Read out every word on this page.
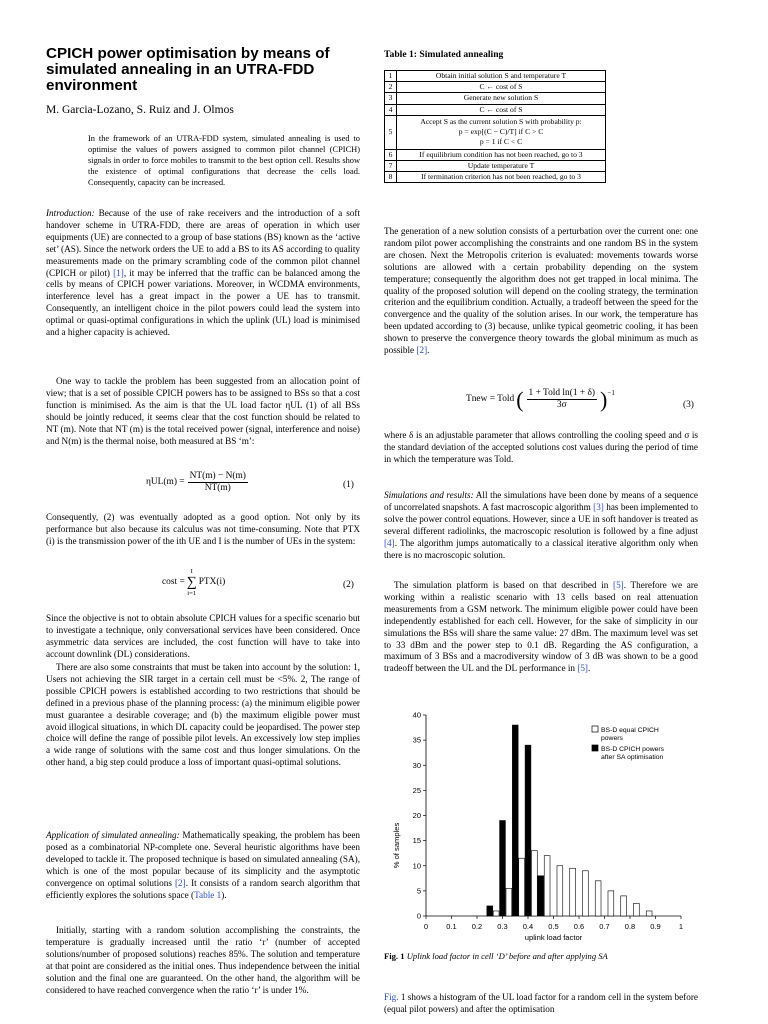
CPICH power optimisation by means of simulated annealing in an UTRA-FDD environment
M. Garcia-Lozano, S. Ruiz and J. Olmos
In the framework of an UTRA-FDD system, simulated annealing is used to optimise the values of powers assigned to common pilot channel (CPICH) signals in order to force mobiles to transmit to the best option cell. Results show the existence of optimal configurations that decrease the cells load. Consequently, capacity can be increased.
Introduction: Because of the use of rake receivers and the introduction of a soft handover scheme in UTRA-FDD, there are areas of operation in which user equipments (UE) are connected to a group of base stations (BS) known as the ‘active set’ (AS). Since the network orders the UE to add a BS to its AS according to quality measurements made on the primary scrambling code of the common pilot channel (CPICH or pilot) [1], it may be inferred that the traffic can be balanced among the cells by means of CPICH power variations. Moreover, in WCDMA environments, interference level has a great impact in the power a UE has to transmit. Consequently, an intelligent choice in the pilot powers could lead the system into optimal or quasi-optimal configurations in which the uplink (UL) load is minimised and a higher capacity is achieved.
One way to tackle the problem has been suggested from an allocation point of view; that is a set of possible CPICH powers has to be assigned to BSs so that a cost function is minimised. As the aim is that the UL load factor ηUL (1) of all BSs should be jointly reduced, it seems clear that the cost function should be related to NT (m). Note that NT (m) is the total received power (signal, interference and noise) and N(m) is the thermal noise, both measured at BS ‘m’:
$\eta UL(m) = \frac{NT(m) - N(m)}{NT(m)}$	(1)
Consequently, (2) was eventually adopted as a good option. Not only by its performance but also because its calculus was not time-consuming. Note that PTX (i) is the transmission power of the ith UE and I is the number of UEs in the system:
cost =
I
∑
i=1
PTX(i)	(2)
Since the objective is not to obtain absolute CPICH values for a specific scenario but to investigate a technique, only conversational services have been considered. Once asymmetric data services are included, the cost function will have to take into account downlink (DL) considerations.
There are also some constraints that must be taken into account by the solution: 1, Users not achieving the SIR target in a certain cell must be <5%. 2, The range of possible CPICH powers is established according to two restrictions that should be defined in a previous phase of the planning process: (a) the minimum eligible power must guarantee a desirable coverage; and (b) the maximum eligible power must avoid illogical situations, in which DL capacity could be jeopardised. The power step choice will define the range of possible pilot levels. An excessively low step implies a wide range of solutions with the same cost and thus longer simulations. On the other hand, a big step could produce a loss of important quasi-optimal solutions.
Application of simulated annealing: Mathematically speaking, the problem has been posed as a combinatorial NP-complete one. Several heuristic algorithms have been developed to tackle it. The proposed technique is based on simulated annealing (SA), which is one of the most popular because of its simplicity and the asymptotic convergence on optimal solutions [2]. It consists of a random search algorithm that efficiently explores the solutions space (Table 1).
Initially, starting with a random solution accomplishing the constraints, the temperature is gradually increased until the ratio ‘r’ (number of accepted solutions/number of proposed solutions) reaches 85%. The solution and temperature at that point are considered as the initial ones. Thus independence between the initial solution and the final one are guaranteed. On the other hand, the algorithm will be considered to have reached convergence when the ratio ‘r’ is under 1%.
Table 1: Simulated annealing
1	Obtain initial solution S and temperature T
2	C ← cost of S
3	Generate new solution S
4	C ← cost of S
5	Accept S as the current solution S with probability p:
p = exp[(C − C)/T] if C > C
p = 1 if C < C

6	If equilibrium condition has not been reached, go to 3
7	Update temperature T
8	If termination criterion has not been reached, go to 3
The generation of a new solution consists of a perturbation over the current one: one random pilot power accomplishing the constraints and one random BS in the system are chosen. Next the Metropolis criterion is evaluated: movements towards worse solutions are allowed with a certain probability depending on the system temperature; consequently the algorithm does not get trapped in local minima. The quality of the proposed solution will depend on the cooling strategy, the termination criterion and the equilibrium condition. Actually, a tradeoff between the speed for the convergence and the quality of the solution arises. In our work, the temperature has been updated according to (3) because, unlike typical geometric cooling, it has been shown to preserve the convergence theory towards the global minimum as much as possible [2].
Tnew = Told ( $\frac{\text{1 + Told ln(1 + δ)}}{3\sigma} )^{-1}$
(3)
where δ is an adjustable parameter that allows controlling the cooling speed and σ is the standard deviation of the accepted solutions cost values during the period of time in which the temperature was Told.
Simulations and results: All the simulations have been done by means of a sequence of uncorrelated snapshots. A fast macroscopic algorithm [3] has been implemented to solve the power control equations. However, since a UE in soft handover is treated as several different radiolinks, the macroscopic resolution is followed by a fine adjust [4]. The algorithm jumps automatically to a classical iterative algorithm only when there is no macroscopic solution.
The simulation platform is based on that described in [5]. Therefore we are working within a realistic scenario with 13 cells based on real attenuation measurements from a GSM network. The minimum eligible power could have been independently established for each cell. However, for the sake of simplicity in our simulations the BSs will share the same value: 27 dBm. The maximum level was set to 33 dBm and the power step to 0.1 dB. Regarding the AS configuration, a maximum of 3 BSs and a macrodiversity window of 3 dB was shown to be a good tradeoff between the UL and the DL performance in [5].
0 0.1 0.2 0.3 0.4 0.5 0.6 0.7 0.8 0.9 1
0
5
10
15
20
25
30
35
40
uplink load factor
% of samples
BS-D equal CPICH
powers
BS-D CPICH powers
after SA optimisation
Fig. 1 Uplink load factor in cell ‘D’ before and after applying SA
Fig. 1 shows a histogram of the UL load factor for a random cell in the system before (equal pilot powers) and after the optimisation
